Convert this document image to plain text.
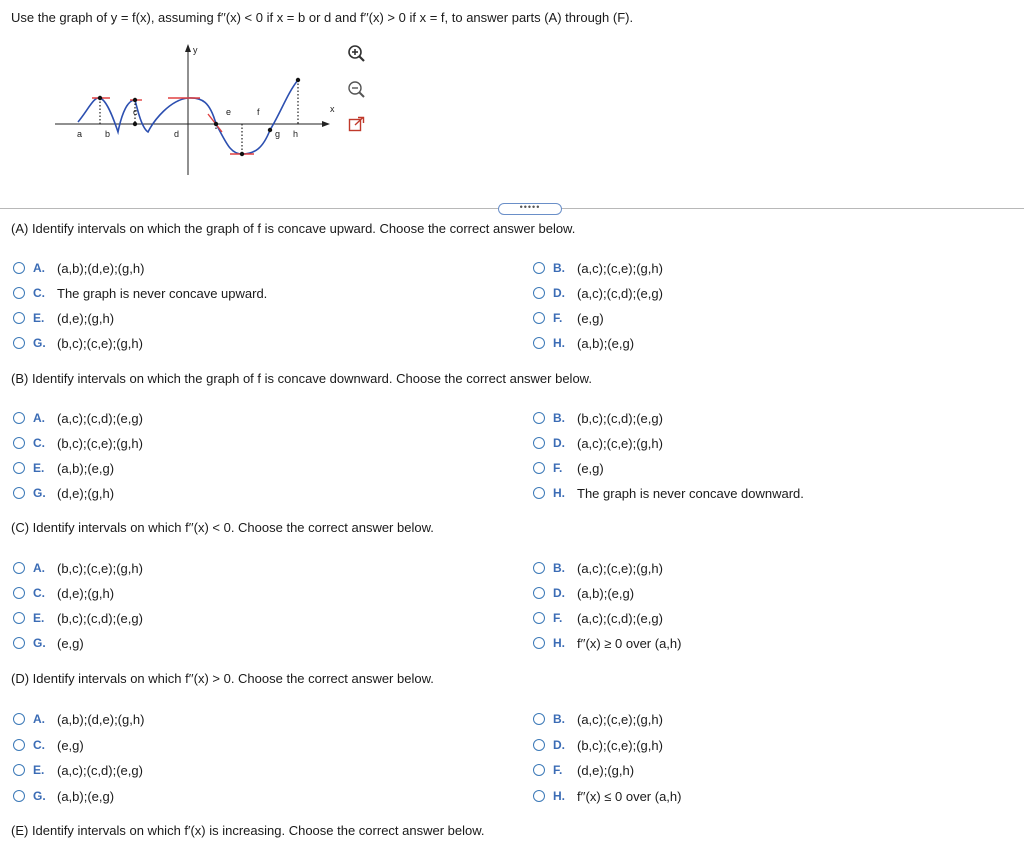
Use the graph of y = f(x), assuming f′′(x) < 0 if x = b or d and f′′(x) > 0 if x = f, to answer parts (A) through (F).
y
x
a	b	d	g h
c	e	f
•••••
(A) Identify intervals on which the graph of f is concave upward. Choose the correct answer below.
A. (a,b);(d,e);(g,h)	B. (a,c);(c,e);(g,h)
C. The graph is never concave upward.	D. (a,c);(c,d);(e,g)
E. (d,e);(g,h)	F.	(e,g)
G. (b,c);(c,e);(g,h)	H. (a,b);(e,g)
(B) Identify intervals on which the graph of f is concave downward. Choose the correct answer below.
A. (a,c);(c,d);(e,g)	B. (b,c);(c,d);(e,g)
C. (b,c);(c,e);(g,h)	D. (a,c);(c,e);(g,h)
E. (a,b);(e,g)	F.	(e,g)
G. (d,e);(g,h)	H. The graph is never concave downward.
(C) Identify intervals on which f′′(x) < 0. Choose the correct answer below.
A. (b,c);(c,e);(g,h)	B. (a,c);(c,e);(g,h)
C. (d,e);(g,h)	D. (a,b);(e,g)
E. (b,c);(c,d);(e,g)	F.	(a,c);(c,d);(e,g)
G. (e,g)	H. f′′(x) ≥ 0 over (a,h)
(D) Identify intervals on which f′′(x) > 0. Choose the correct answer below.
A. (a,b);(d,e);(g,h)	B. (a,c);(c,e);(g,h)
C. (e,g)	D. (b,c);(c,e);(g,h)
E. (a,c);(c,d);(e,g)	F.	(d,e);(g,h)
G. (a,b);(e,g)	H. f′′(x) ≤ 0 over (a,h)
(E) Identify intervals on which f′(x) is increasing. Choose the correct answer below.
